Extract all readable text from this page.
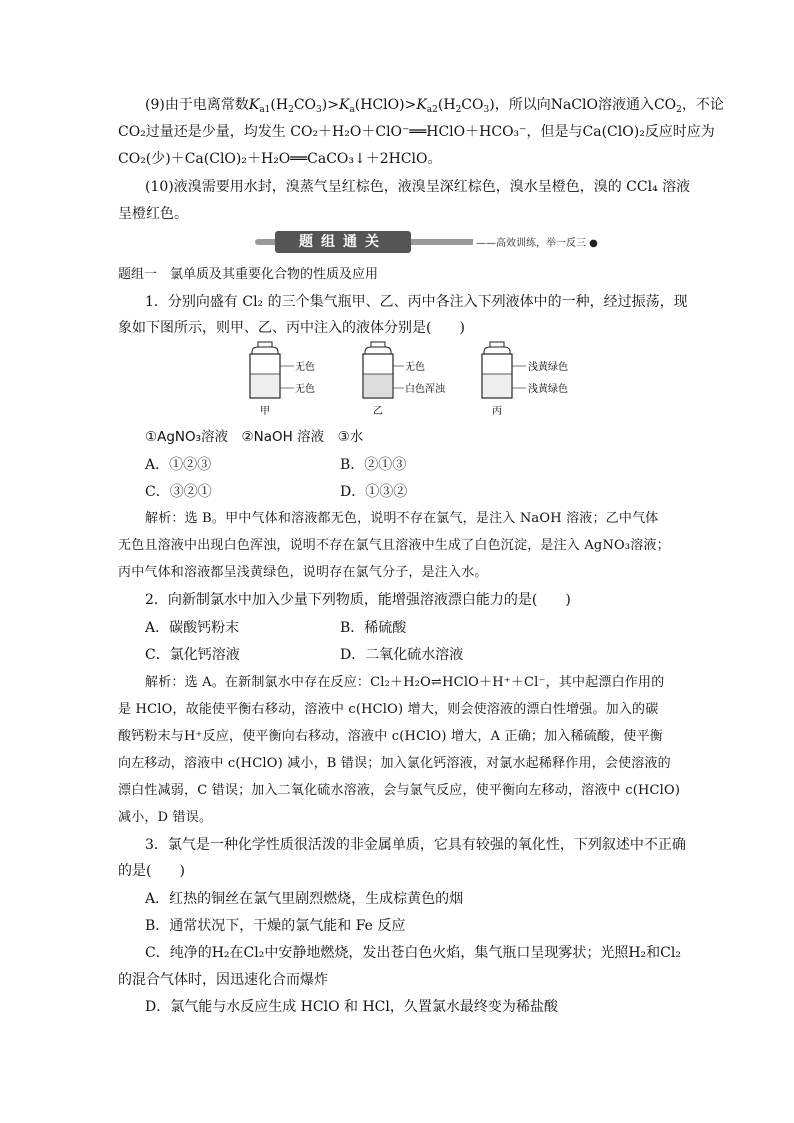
(9)由于电离常数$K_{a1}(H_2CO_3)>K_a(HClO)>K_{a2}(H_2CO_3)$，所以向NaClO溶液通入$CO_2$，不论
CO₂过量还是少量，均发生 CO₂＋H₂O＋ClO⁻══HClO＋HCO₃⁻，但是与Ca(ClO)₂反应时应为
CO₂(少)＋Ca(ClO)₂＋H₂O══CaCO₃↓＋2HClO。
(10)液溴需要用水封，溴蒸气呈红棕色，液溴呈深红棕色，溴水呈橙色，溴的 CCl₄ 溶液
呈橙红色。
题组通关	——高效训练，举一反三 ●
题组一　氯单质及其重要化合物的性质及应用
1．分别向盛有 Cl₂ 的三个集气瓶甲、乙、丙中各注入下列液体中的一种，经过振荡，现
象如下图所示，则甲、乙、丙中注入的液体分别是(　　)
无色
无色
甲
无色
白色浑浊
乙
浅黄绿色
浅黄绿色
丙
①AgNO₃溶液　②NaOH 溶液　③水
A．①②③	B．②①③
C．③②①	D．①③②
解析：选 B。甲中气体和溶液都无色，说明不存在氯气，是注入 NaOH 溶液；乙中气体
无色且溶液中出现白色浑浊，说明不存在氯气且溶液中生成了白色沉淀，是注入 AgNO₃溶液；
丙中气体和溶液都呈浅黄绿色，说明存在氯气分子，是注入水。
2．向新制氯水中加入少量下列物质，能增强溶液漂白能力的是(　　)
A．碳酸钙粉末	B．稀硫酸
C．氯化钙溶液	D．二氧化硫水溶液
解析：选 A。在新制氯水中存在反应：Cl₂＋H₂O⇌HClO＋H⁺＋Cl⁻，其中起漂白作用的
是 HClO，故能使平衡右移动，溶液中 c(HClO) 增大，则会使溶液的漂白性增强。加入的碳
酸钙粉末与H⁺反应，使平衡向右移动，溶液中 c(HClO) 增大，A 正确；加入稀硫酸，使平衡
向左移动，溶液中 c(HClO) 减小，B 错误；加入氯化钙溶液，对氯水起稀释作用，会使溶液的
漂白性减弱，C 错误；加入二氧化硫水溶液，会与氯气反应，使平衡向左移动，溶液中 c(HClO)
减小，D 错误。
3．氯气是一种化学性质很活泼的非金属单质，它具有较强的氧化性，下列叙述中不正确
的是(　　)
A．红热的铜丝在氯气里剧烈燃烧，生成棕黄色的烟
B．通常状况下，干燥的氯气能和 Fe 反应
C．纯净的H₂在Cl₂中安静地燃烧，发出苍白色火焰，集气瓶口呈现雾状；光照H₂和Cl₂
的混合气体时，因迅速化合而爆炸
D．氯气能与水反应生成 HClO 和 HCl，久置氯水最终变为稀盐酸
